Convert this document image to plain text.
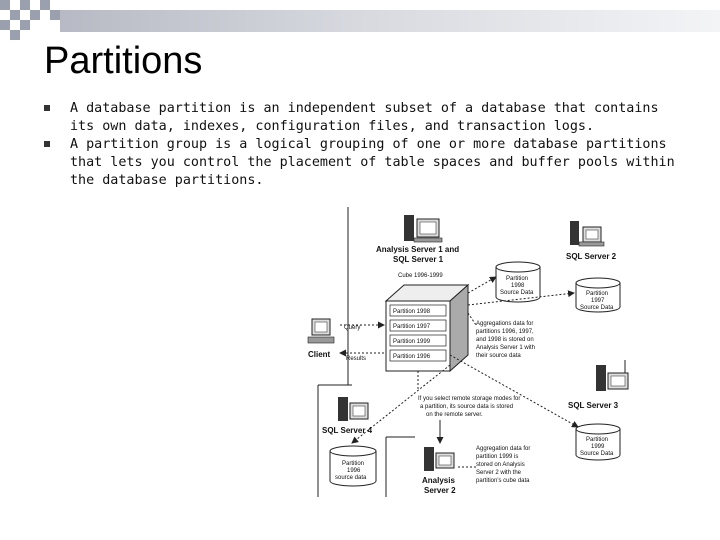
Partitions
A database partition is an independent subset of a database that contains its own data, indexes, configuration files, and transaction logs.
A partition group is a logical grouping of one or more database partitions that lets you control the placement of table spaces and buffer pools within the database partitions.
Analysis Server 1 and
SQL Server 1
Cube 1996-1999
Partition 1998
Partition 1997
Partition 1999
Partition 1996
Partition
1998
Source Data
SQL Server 2
Partition
1997
Source Data
Client
Query
Results
Aggregations data for
partitions 1996, 1997,
and 1998 is stored on
Analysis Server 1 with
their source data
SQL Server 3
Partition
1999
Source Data
If you select remote storage modes for
a partition, its source data is stored
on the remote server.
SQL Server 4
Partition
1996
source data	Analysis
Server 2
Aggregation data for
partition 1999 is
stored on Analysis
Server 2 with the
partition's cube data
